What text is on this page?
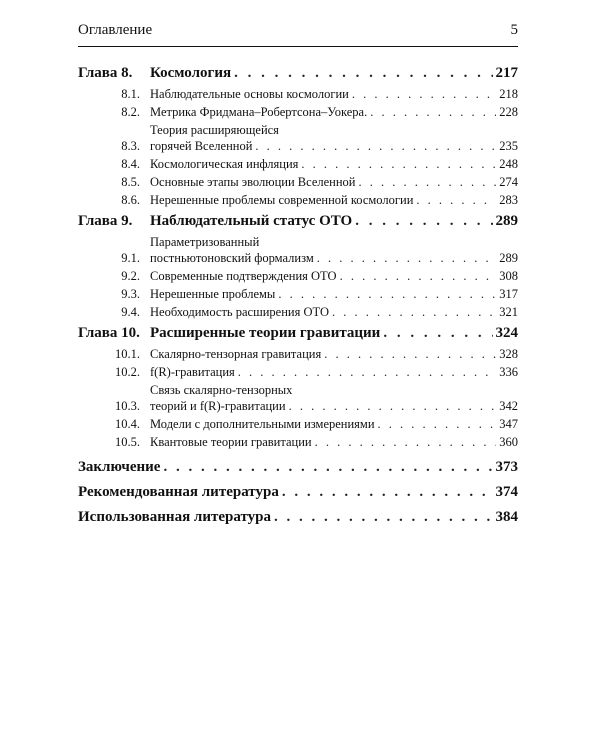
Оглавление	5
Глава 8.	Космология . . .	217
8.1. Наблюдательные основы космологии . . .	218
8.2. Метрика Фридмана–Робертсона–Уокера. . . .	228
8.3.
Теория расширяющейся
горячей Вселенной . . .	235
8.4. Космологическая инфляция . . .	248
8.5. Основные этапы эволюции Вселенной . . .	274
8.6. Нерешенные проблемы современной космологии . . .	283
Глава 9.	Наблюдательный статус ОТО . . .	289
9.1.
Параметризованный
постньютоновский формализм . . .	289
9.2. Современные подтверждения ОТО . . .	308
9.3. Нерешенные проблемы . . .	317
9.4. Необходимость расширения ОТО . . .	321
Глава 10. Расширенные теории гравитации . . .	324
10.1. Скалярно-тензорная гравитация . . .	328
10.2. f(R)-гравитация . . .	336
10.3.
Связь скалярно-тензорных
теорий и f(R)-гравитации . . .	342
10.4. Модели с дополнительными измерениями . . .	347
10.5. Квантовые теории гравитации . . .	360
Заключение . . .	373
Рекомендованная литература . . .	374
Использованная литература . . .	384
